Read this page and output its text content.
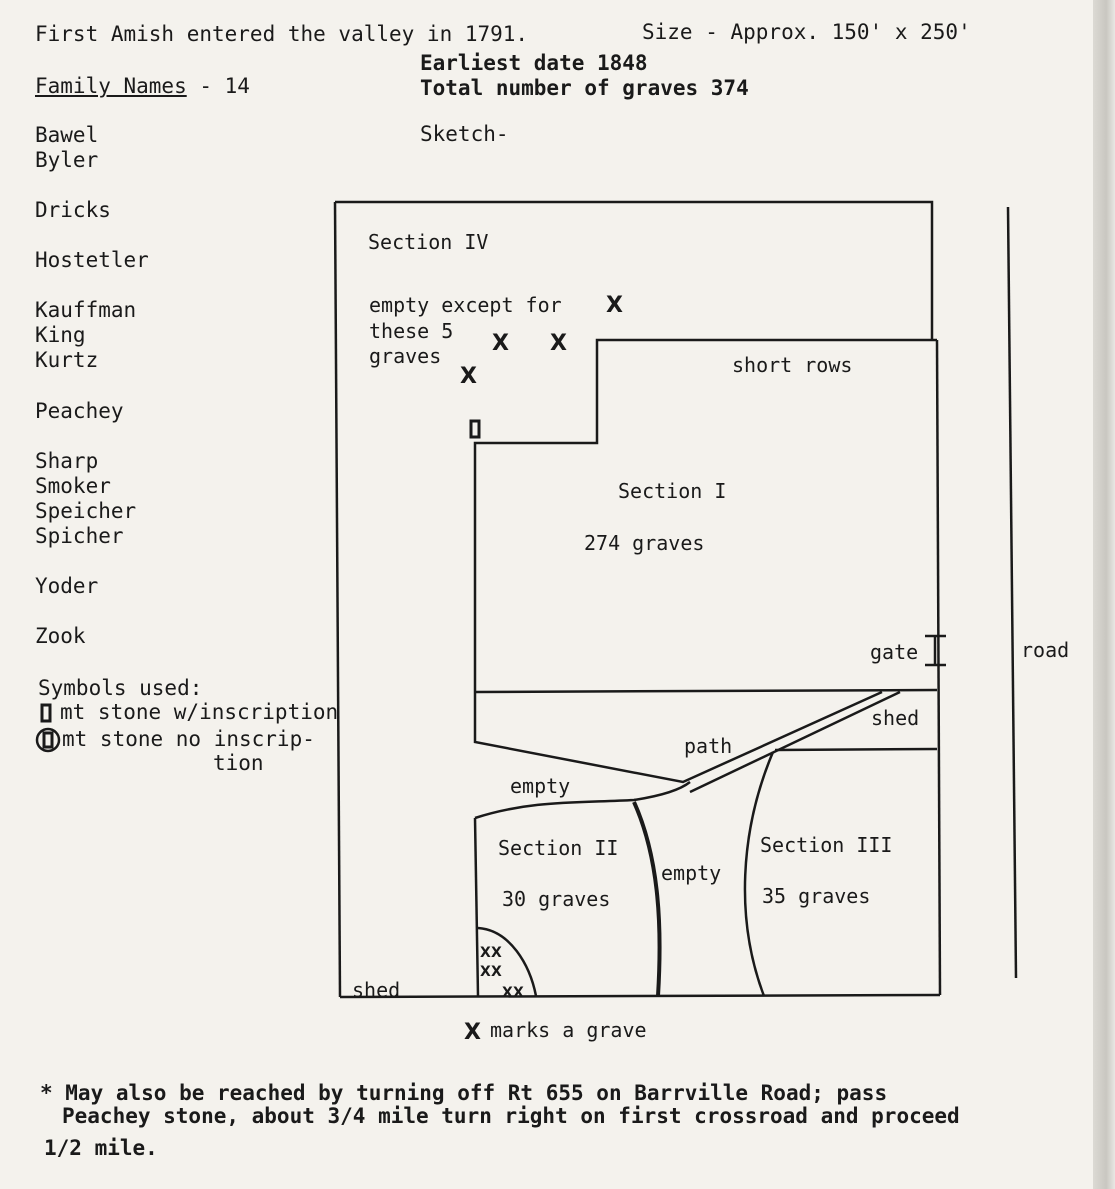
First Amish entered the valley in 1791.	Size - Approx. 150' x 250'
Earliest date 1848
Total number of graves 374
Sketch-
Family Names - 14
Bawel
Byler
Dricks
Hostetler
Kauffman
King
Kurtz
Peachey
Sharp
Smoker
Speicher
Spicher
Yoder
Zook
Symbols used:
mt stone w/inscription
mt stone no inscrip-
tion
Section IV
empty except for
these 5
graves
X
X X
X	short rows
Section I
274 graves
gate	road
shed
path
empty
Section II
30 graves
empty
Section III
35 graves
shed
X X
X X
X X
X marks a grave
* May also be reached by turning off Rt 655 on Barrville Road; pass
Peachey stone, about 3/4 mile turn right on first crossroad and proceed
1/2 mile.
